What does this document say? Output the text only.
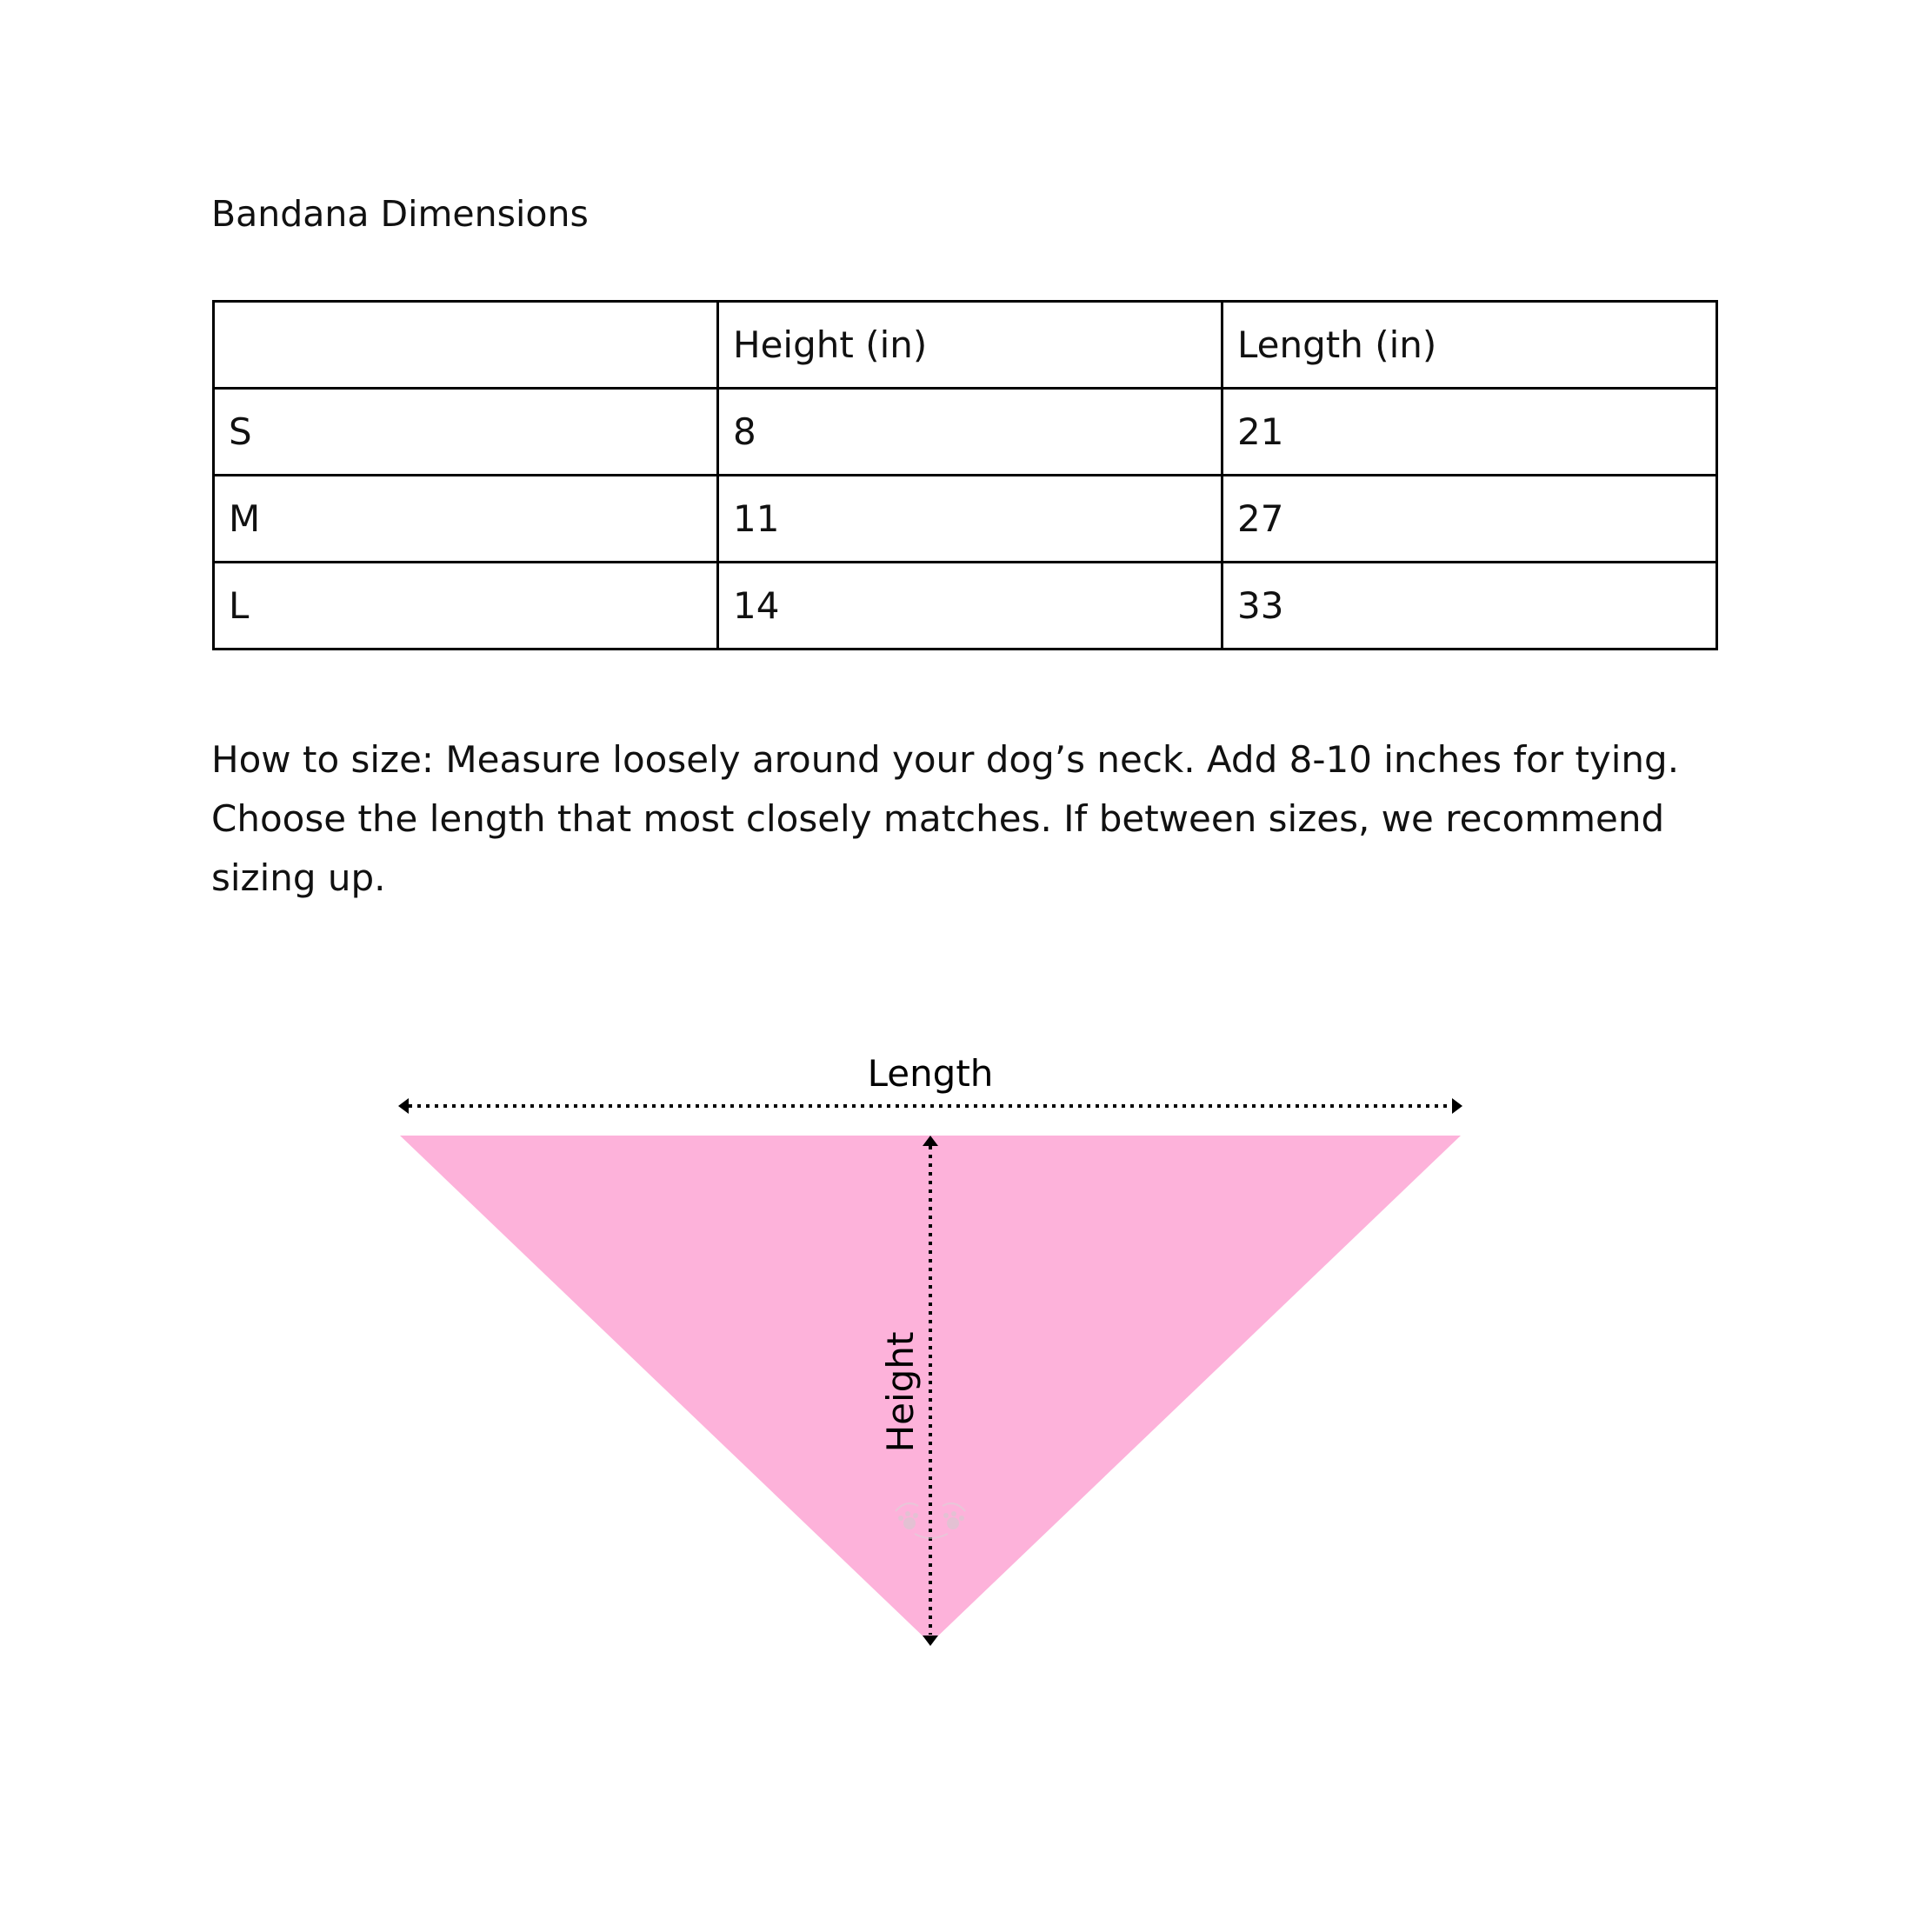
Bandana Dimensions
	Height (in)	Length (in)
S	8	21
M	11	27
L	14	33

How to size: Measure loosely around your dog’s neck. Add 8-10 inches for tying. Choose the length that most closely matches. If between sizes, we recommend sizing up.

Length
Height
